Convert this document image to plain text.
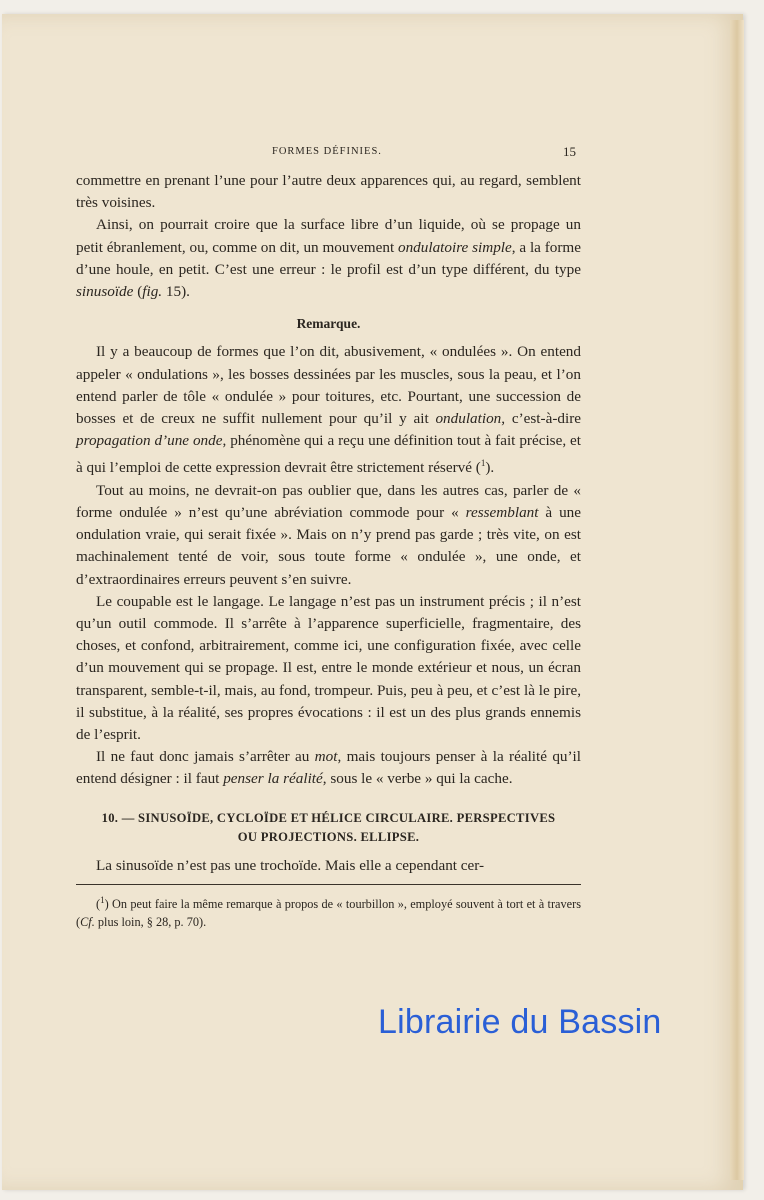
FORMES DÉFINIES.	15

commettre en prenant l’une pour l’autre deux apparences qui, au regard, semblent très voisines.

Ainsi, on pourrait croire que la surface libre d’un liquide, où se propage un petit ébranlement, ou, comme on dit, un mouvement ondulatoire simple, a la forme d’une houle, en petit. C’est une erreur : le profil est d’un type différent, du type sinusoïde (fig. 15).

Remarque.

Il y a beaucoup de formes que l’on dit, abusivement, « ondulées ». On entend appeler « ondulations », les bosses dessinées par les muscles, sous la peau, et l’on entend parler de tôle « ondulée » pour toitures, etc. Pourtant, une succession de bosses et de creux ne suffit nullement pour qu’il y ait ondulation, c’est-à-dire propagation d’une onde, phénomène qui a reçu une définition tout à fait précise, et à qui l’emploi de cette expression devrait être strictement réservé ($^1$).

Tout au moins, ne devrait-on pas oublier que, dans les autres cas, parler de « forme ondulée » n’est qu’une abréviation commode pour « ressemblant à une ondulation vraie, qui serait fixée ». Mais on n’y prend pas garde ; très vite, on est machinalement tenté de voir, sous toute forme « ondulée », une onde, et d’extraordinaires erreurs peuvent s’en suivre.

Le coupable est le langage. Le langage n’est pas un instrument précis ; il n’est qu’un outil commode. Il s’arrête à l’apparence superficielle, fragmentaire, des choses, et confond, arbitrairement, comme ici, une configuration fixée, avec celle d’un mouvement qui se propage. Il est, entre le monde extérieur et nous, un écran transparent, semble-t-il, mais, au fond, trompeur. Puis, peu à peu, et c’est là le pire, il substitue, à la réalité, ses propres évocations : il est un des plus grands ennemis de l’esprit.

Il ne faut donc jamais s’arrêter au mot, mais toujours penser à la réalité qu’il entend désigner : il faut penser la réalité, sous le « verbe » qui la cache.

10. — SINUSOÏDE, CYCLOÏDE ET HÉLICE CIRCULAIRE. PERSPECTIVES
OU PROJECTIONS. ELLIPSE.

La sinusoïde n’est pas une trochoïde. Mais elle a cependant cer-

($^1$) On peut faire la même remarque à propos de « tourbillon », employé souvent à tort et à travers (Cf. plus loin, § 28, p. 70).

Librairie du Bassin
